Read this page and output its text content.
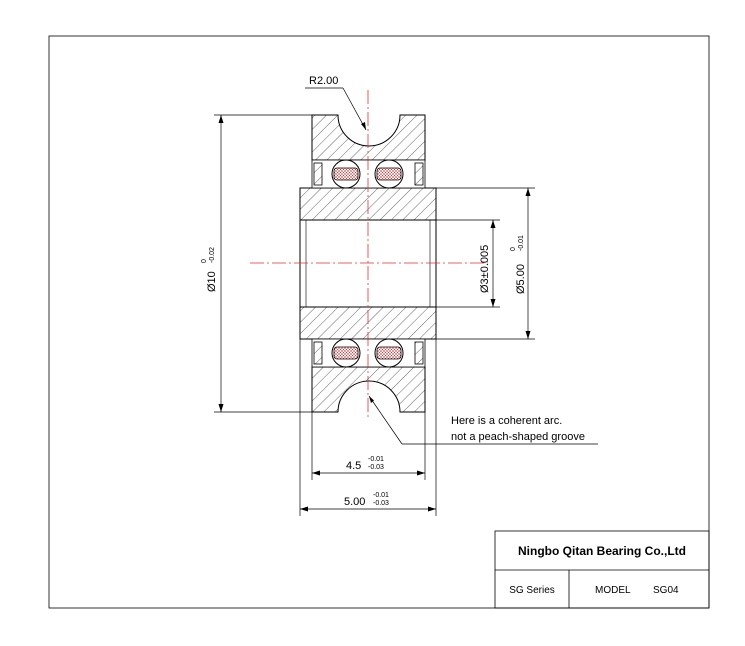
R2.00
Ø10
0 -0.02	Ø3±0.005 Ø5.00
0 -0.01
4.5
-0.01
-0.03
5.00
-0.01
-0.03
Here is a coherent arc.
not a peach-shaped groove
Ningbo Qitan Bearing Co.,Ltd
SG Series	MODEL SG04
